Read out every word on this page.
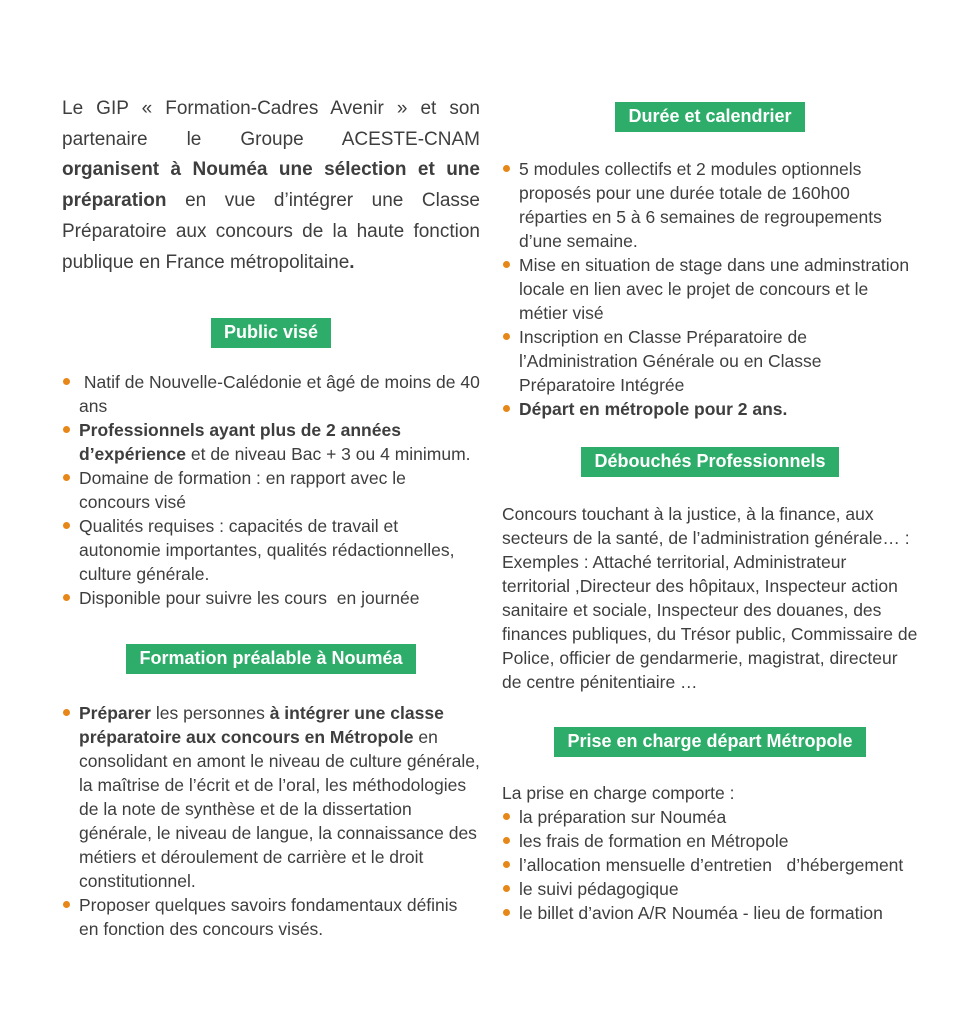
Le GIP « Formation-Cadres Avenir » et son partenaire le Groupe ACESTE-CNAM organisent à Nouméa une sélection et une préparation en vue d’intégrer une Classe Préparatoire aux concours de la haute fonction publique en France métropolitaine.

Public visé
Natif de Nouvelle-Calédonie et âgé de moins de 40 ans
Professionnels ayant plus de 2 années d’expérience et de niveau Bac + 3 ou 4 minimum.
Domaine de formation : en rapport avec le concours visé
Qualités requises : capacités de travail et autonomie importantes, qualités rédactionnelles, culture générale.
Disponible pour suivre les cours  en journée
Formation préalable à Nouméa
Préparer les personnes à intégrer une classe préparatoire aux concours en Métropole en consolidant en amont le niveau de culture générale, la maîtrise de l’écrit et de l’oral, les méthodologies de la note de synthèse et de la dissertation générale, le niveau de langue, la connaissance des métiers et déroulement de carrière et le droit constitutionnel.
Proposer quelques savoirs fondamentaux définis en fonction des concours visés.
Durée et calendrier
5 modules collectifs et 2 modules optionnels proposés pour une durée totale de 160h00 réparties en 5 à 6 semaines de regroupements d’une semaine.
Mise en situation de stage dans une adminstration locale en lien avec le projet de concours et le métier visé
Inscription en Classe Préparatoire de l’Administration Générale ou en Classe Préparatoire Intégrée
Départ en métropole pour 2 ans.
Débouchés Professionnels

Concours touchant à la justice, à la finance, aux secteurs de la santé, de l’administration générale… : Exemples : Attaché territorial, Administrateur territorial ,Directeur des hôpitaux, Inspecteur action sanitaire et sociale, Inspecteur des douanes, des finances publiques, du Trésor public, Commissaire de Police, officier de gendarmerie, magistrat, directeur de centre pénitentiaire …

Prise en charge départ Métropole

La prise en charge comporte :

la préparation sur Nouméa
les frais de formation en Métropole
l’allocation mensuelle d’entretien   d’hébergement
le suivi pédagogique
le billet d’avion A/R Nouméa - lieu de formation
